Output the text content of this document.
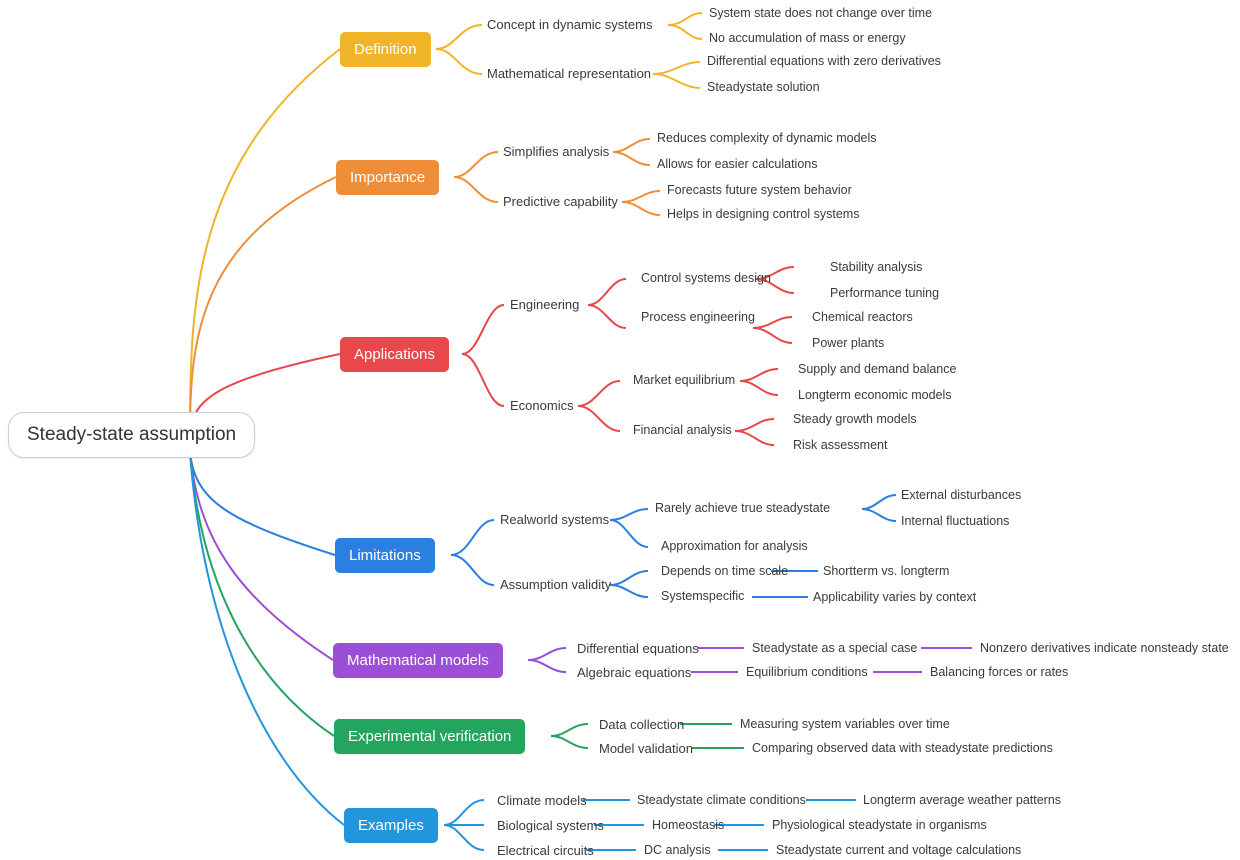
Steady-state assumption
Definition
Concept in dynamic systems
Mathematical representation
System state does not change over time
No accumulation of mass or energy
Differential equations with zero derivatives
Steadystate solution
Importance
Simplifies analysis
Predictive capability
Reduces complexity of dynamic models
Allows for easier calculations
Forecasts future system behavior
Helps in designing control systems
Applications
Engineering
Economics
Control systems design
Process engineering
Market equilibrium
Financial analysis
Stability analysis
Performance tuning
Chemical reactors
Power plants
Supply and demand balance
Longterm economic models
Steady growth models
Risk assessment
Limitations
Realworld systems
Assumption validity
Rarely achieve true steadystate
Approximation for analysis
Depends on time scale
Systemspecific
External disturbances
Internal fluctuations
Shortterm vs. longterm
Applicability varies by context
Mathematical models
Differential equations
Algebraic equations
Steadystate as a special case
Equilibrium conditions
Nonzero derivatives indicate nonsteady state
Balancing forces or rates
Experimental verification
Data collection
Model validation
Measuring system variables over time
Comparing observed data with steadystate predictions
Examples
Climate models
Biological systems
Electrical circuits
Steadystate climate conditions
Homeostasis
DC analysis
Longterm average weather patterns
Physiological steadystate in organisms
Steadystate current and voltage calculations
